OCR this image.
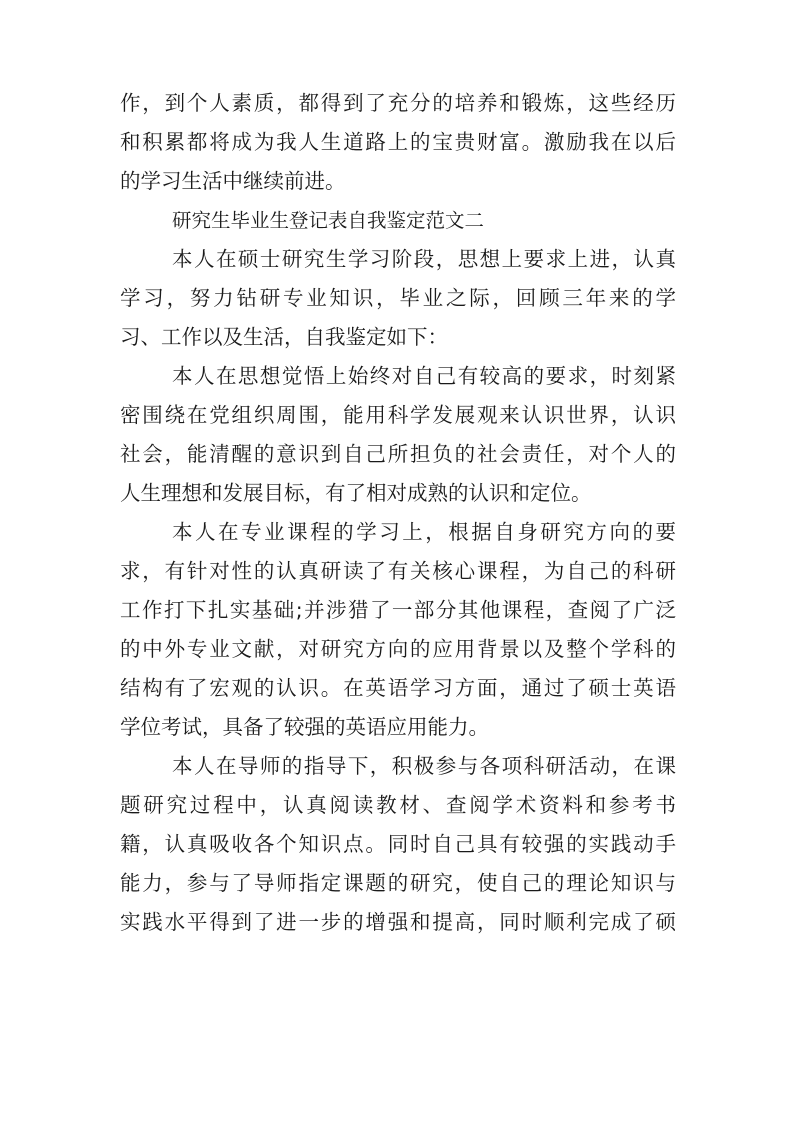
作，到个人素质，都得到了充分的培养和锻炼，这些经历
和积累都将成为我人生道路上的宝贵财富。激励我在以后
的学习生活中继续前进。
研究生毕业生登记表自我鉴定范文二
本人在硕士研究生学习阶段，思想上要求上进，认真
学习，努力钻研专业知识，毕业之际，回顾三年来的学
习、工作以及生活，自我鉴定如下：
本人在思想觉悟上始终对自己有较高的要求，时刻紧
密围绕在党组织周围，能用科学发展观来认识世界，认识
社会，能清醒的意识到自己所担负的社会责任，对个人的
人生理想和发展目标，有了相对成熟的认识和定位。
本人在专业课程的学习上，根据自身研究方向的要
求，有针对性的认真研读了有关核心课程，为自己的科研
工作打下扎实基础;并涉猎了一部分其他课程，查阅了广泛
的中外专业文献，对研究方向的应用背景以及整个学科的
结构有了宏观的认识。在英语学习方面，通过了硕士英语
学位考试，具备了较强的英语应用能力。
本人在导师的指导下，积极参与各项科研活动，在课
题研究过程中，认真阅读教材、查阅学术资料和参考书
籍，认真吸收各个知识点。同时自己具有较强的实践动手
能力，参与了导师指定课题的研究，使自己的理论知识与
实践水平得到了进一步的增强和提高，同时顺利完成了硕
